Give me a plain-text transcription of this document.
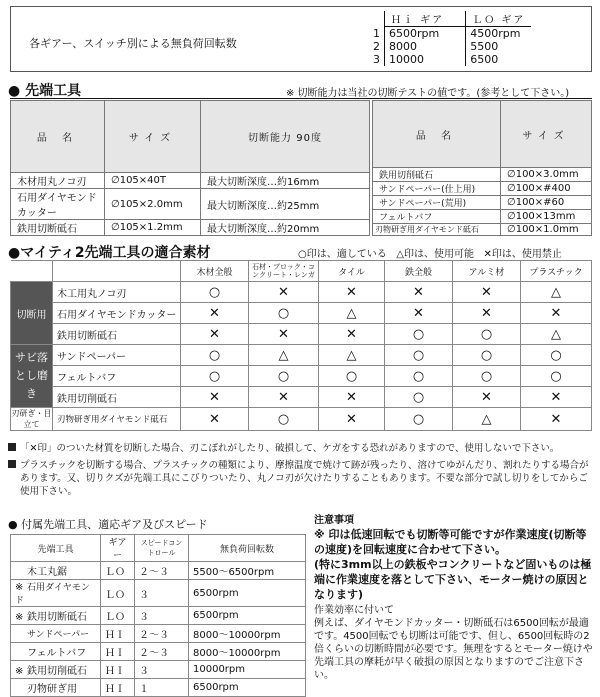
各ギアー、スイッチ別による無負荷回転数
	Ｈｉ ギア	ＬＯ ギア
1	6500rpm	4500rpm
2	8000	5500
3	10000	6500
● 先端工具	※ 切断能力は当社の切断テストの値です。(参考として下さい。)
品 名	サイズ	切断能力 90度
木材用丸ノコ刃	∅105×40T	最大切断深度…約16mm
石用ダイヤモンドカッター	∅105×2.0mm	最大切断深度…約25mm
鉄用切断砥石	∅105×1.2mm	最大切断深度…約20mm
品 名	サイズ
鉄用切削砥石	∅100×3.0mm
サンドペーパー(仕上用)	∅100×#400
サンドペーパー(荒用)	∅100×#60
フェルトバフ	∅100×13mm
刃物研ぎ用ダイヤモンド砥石	∅100×1.0mm
●マイティ2先端工具の適合素材	○印は、適している △印は、使用可能 ✕印は、使用禁止
		木材全般	石材・ブロック・コンクリート・レンガ	タイル	鉄全般	アルミ材	プラスチック
切断用	木工用丸ノコ刃	○	✕	✕	✕	✕	△
	石用ダイヤモンドカッター	✕	○	△	✕	✕	✕
	鉄用切断砥石	✕	✕	✕	○	○	△
サビ落とし磨き	サンドペーパー	○	△	△	○	○	○
	フェルトバフ	○	○	○	○	○	○
	鉄用切削砥石	✕	✕	✕	○	✕	✕
刃研ぎ・目立て	刃物研ぎ用ダイヤモンド砥石	✕	○	✕	○	△	✕

「✕印」のついた材質を切断した場合、刃こぼれがしたり、破損して、ケガをする恐れがありますので、使用しないで下さい。

プラスチックを切断する場合、プラスチックの種類により、摩擦温度で焼けて跡が残ったり、溶けてゆがんだり、割れたりする場合があります。又、切りクズが先端工具にこびりついたり、丸ノコ刃が欠けたりすることもあります。不要な部分で試し切りをしてからご使用下さい。

● 付属先端工具、適応ギア及びスピード
先端工具	ギアー	スピードコントロール	無負荷回転数
木工丸鋸	ＬＯ	２〜３	5500〜6500rpm
※ 石用ダイヤモンド	ＬＯ	３	6500rpm
※ 鉄用切断砥石	ＬＯ	３	6500rpm
サンドペーパー	ＨＩ	２〜３	8000〜10000rpm
フェルトバフ	ＨＩ	２〜３	8000〜10000rpm
※ 鉄用切削砥石	ＨＩ	３	10000rpm
刃物研ぎ用	ＨＩ	１	6500rpm

注意事項

※ 印は低速回転でも切断等可能ですが作業速度(切断等の速度)を回転速度に合わせて下さい。

(特に3mm以上の鉄板やコンクリートなど固いものは極端に作業速度を落として下さい、モーター焼けの原因となります)

作業効率に付いて
例えば、ダイヤモンドカッター・切断砥石は6500回転が最適です。4500回転でも切断は可能です、但し、6500回転時の2倍くらいの切断時間が必要です。無理をするとモーター焼けや先端工具の摩耗が早く破損の原因となりますのでご注意下さい。
